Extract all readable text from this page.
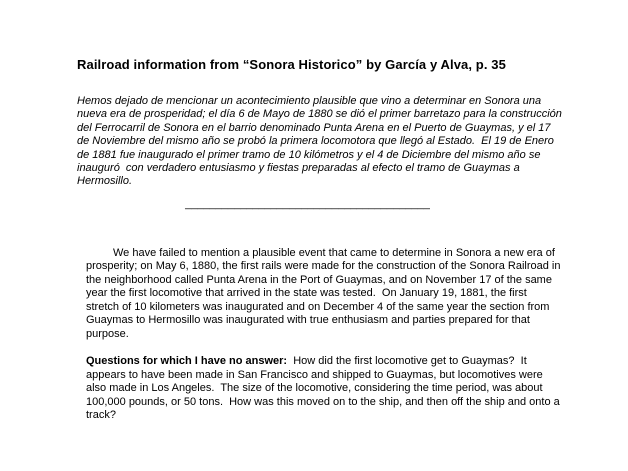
Railroad information from “Sonora Historico” by García y Alva, p. 35

Hemos dejado de mencionar un acontecimiento plausible que vino a determinar en Sonora una nueva era de prosperidad; el día 6 de Mayo de 1880 se dió el primer barretazo para la construcción del Ferrocarril de Sonora en el barrio denominado Punta Arena en el Puerto de Guaymas, y el 17 de Noviembre del mismo año se probó la primera locomotora que llegó al Estado.  El 19 de Enero de 1881 fue inaugurado el primer tramo de 10 kilómetros y el 4 de Diciembre del mismo año se inauguró  con verdadero entusiasmo y fiestas preparadas al efecto el tramo de Guaymas a Hermosillo.

________________________________________

We have failed to mention a plausible event that came to determine in Sonora a new era of prosperity; on May 6, 1880, the first rails were made for the construction of the Sonora Railroad in the neighborhood called Punta Arena in the Port of Guaymas, and on November 17 of the same year the first locomotive that arrived in the state was tested.  On January 19, 1881, the first stretch of 10 kilometers was inaugurated and on December 4 of the same year the section from Guaymas to Hermosillo was inaugurated with true enthusiasm and parties prepared for that purpose.

Questions for which I have no answer:  How did the first locomotive get to Guaymas?  It appears to have been made in San Francisco and shipped to Guaymas, but locomotives were also made in Los Angeles.  The size of the locomotive, considering the time period, was about 100,000 pounds, or 50 tons.  How was this moved on to the ship, and then off the ship and onto a track?
